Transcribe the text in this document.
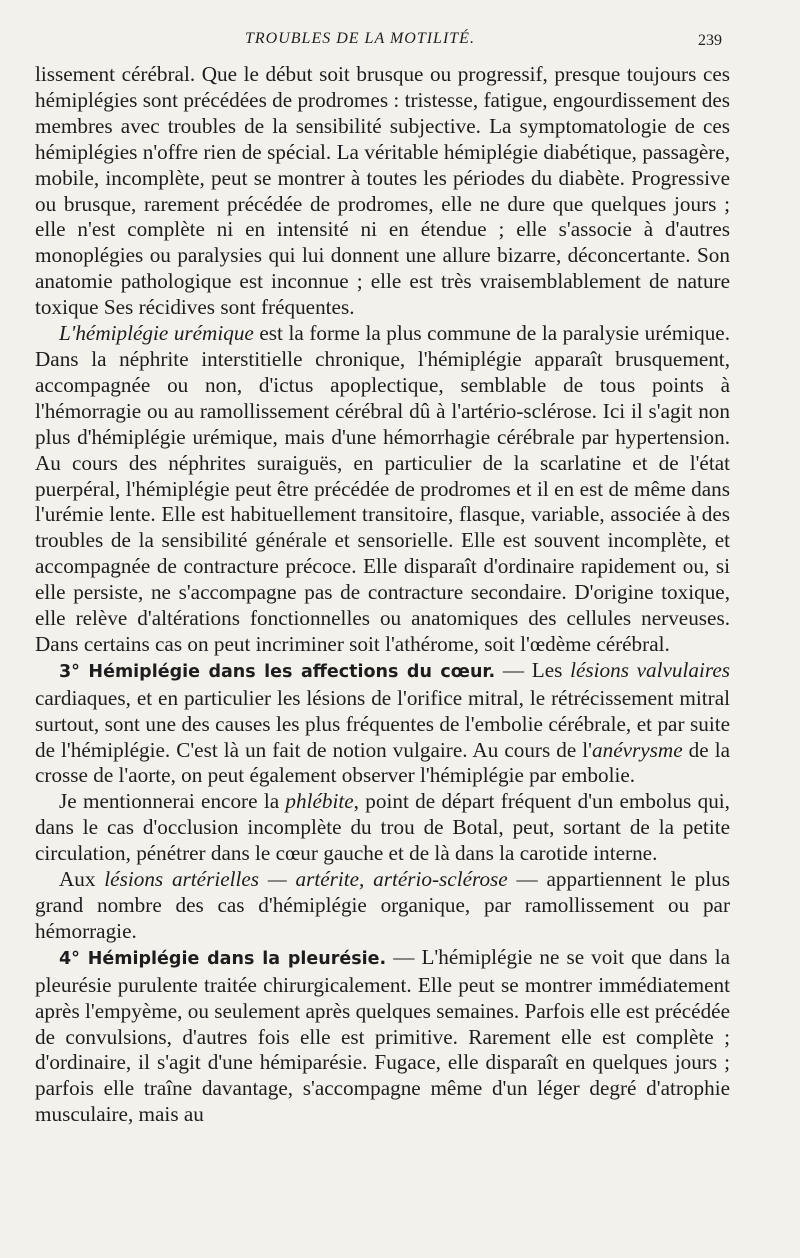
TROUBLES DE LA MOTILITÉ.	239

lissement cérébral. Que le début soit brusque ou progressif, presque toujours ces hémiplégies sont précédées de prodromes : tristesse, fatigue, engourdissement des membres avec troubles de la sensibilité subjective. La symptomatologie de ces hémiplégies n'offre rien de spécial. La véritable hémiplégie diabétique, passagère, mobile, incomplète, peut se montrer à toutes les périodes du diabète. Progressive ou brusque, rarement précédée de prodromes, elle ne dure que quelques jours ; elle n'est complète ni en intensité ni en étendue ; elle s'associe à d'autres monoplégies ou paralysies qui lui donnent une allure bizarre, déconcertante. Son anatomie pathologique est inconnue ; elle est très vraisemblablement de nature toxique Ses récidives sont fréquentes.

L'hémiplégie urémique est la forme la plus commune de la paralysie urémique. Dans la néphrite interstitielle chronique, l'hémiplégie apparaît brusquement, accompagnée ou non, d'ictus apoplectique, semblable de tous points à l'hémorragie ou au ramollissement cérébral dû à l'artério-sclérose. Ici il s'agit non plus d'hémiplégie urémique, mais d'une hémorrhagie cérébrale par hypertension. Au cours des néphrites suraiguës, en particulier de la scarlatine et de l'état puerpéral, l'hémiplégie peut être précédée de prodromes et il en est de même dans l'urémie lente. Elle est habituellement transitoire, flasque, variable, associée à des troubles de la sensibilité générale et sensorielle. Elle est souvent incomplète, et accompagnée de contracture précoce. Elle disparaît d'ordinaire rapidement ou, si elle persiste, ne s'accompagne pas de contracture secondaire. D'origine toxique, elle relève d'altérations fonctionnelles ou anatomiques des cellules nerveuses. Dans certains cas on peut incriminer soit l'athérome, soit l'œdème cérébral.

3° Hémiplégie dans les affections du cœur. — Les lésions valvulaires cardiaques, et en particulier les lésions de l'orifice mitral, le rétrécissement mitral surtout, sont une des causes les plus fréquentes de l'embolie cérébrale, et par suite de l'hémiplégie. C'est là un fait de notion vulgaire. Au cours de l'anévrysme de la crosse de l'aorte, on peut également observer l'hémiplégie par embolie.

Je mentionnerai encore la phlébite, point de départ fréquent d'un embolus qui, dans le cas d'occlusion incomplète du trou de Botal, peut, sortant de la petite circulation, pénétrer dans le cœur gauche et de là dans la carotide interne.

Aux lésions artérielles — artérite, artério-sclérose — appartiennent le plus grand nombre des cas d'hémiplégie organique, par ramollissement ou par hémorragie.

4° Hémiplégie dans la pleurésie. — L'hémiplégie ne se voit que dans la pleurésie purulente traitée chirurgicalement. Elle peut se montrer immédiatement après l'empyème, ou seulement après quelques semaines. Parfois elle est précédée de convulsions, d'autres fois elle est primitive. Rarement elle est complète ; d'ordinaire, il s'agit d'une hémiparésie. Fugace, elle disparaît en quelques jours ; parfois elle traîne davantage, s'accompagne même d'un léger degré d'atrophie musculaire, mais au
